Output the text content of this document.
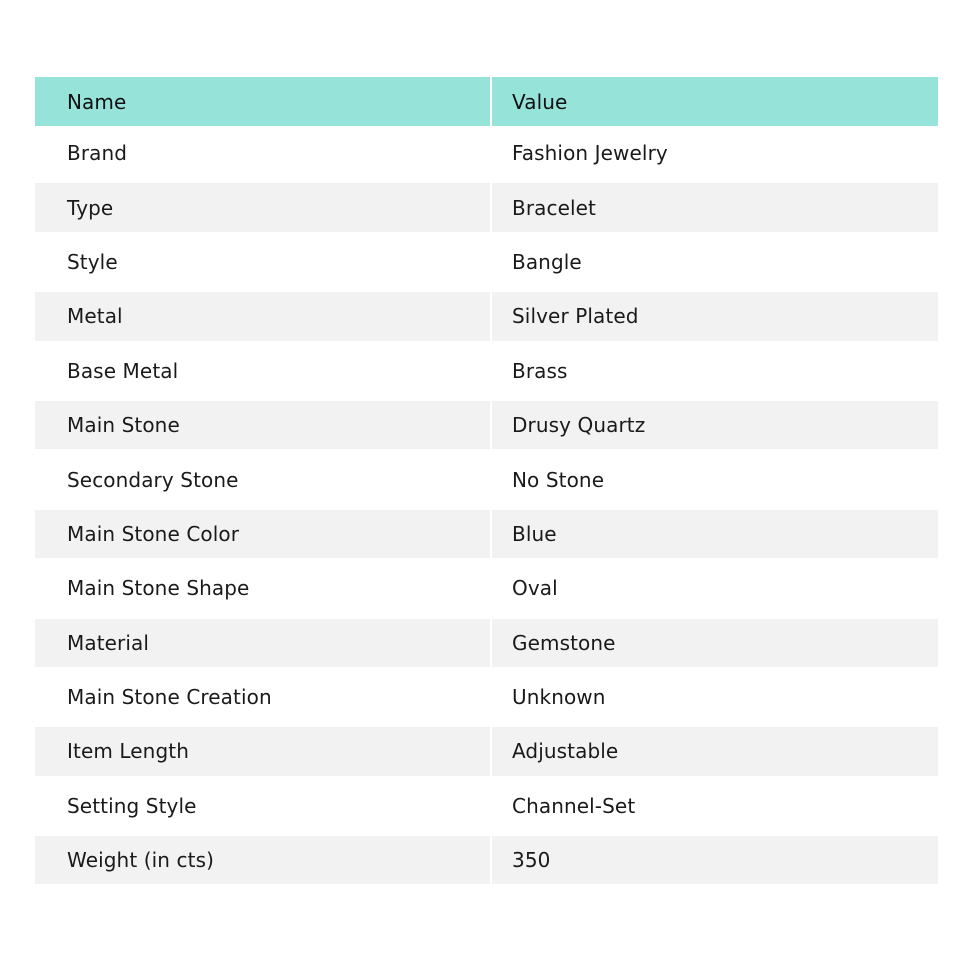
Name	Value
Brand	Fashion Jewelry
Type	Bracelet
Style	Bangle
Metal	Silver Plated
Base Metal	Brass
Main Stone	Drusy Quartz
Secondary Stone	No Stone
Main Stone Color	Blue
Main Stone Shape	Oval
Material	Gemstone
Main Stone Creation	Unknown
Item Length	Adjustable
Setting Style	Channel-Set
Weight (in cts)	350
